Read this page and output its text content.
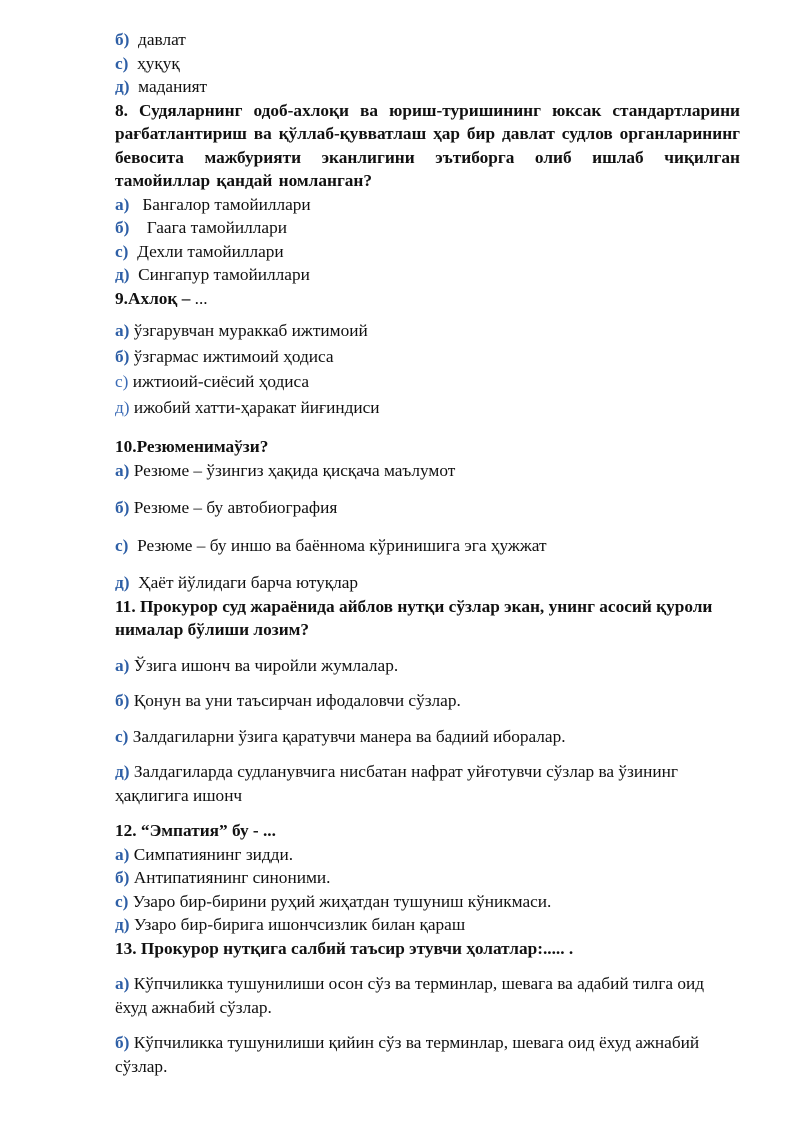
б) давлат

с) ҳуқуқ

д) маданият

8. Судяларнинг одоб-ахлоқи ва юриш-туришининг юксак стандартларини рағбатлантириш ва қўллаб-қувватлаш ҳар бир давлат судлов органларининг бевосита мажбурияти эканлигини эътиборга олиб ишлаб чиқилган тамойиллар қандай номланган?

а) Бангалор тамойиллари

б) Гаага тамойиллари

с) Дехли тамойиллари

д) Сингапур тамойиллари

9.Ахлоқ – ...

а) ўзгарувчан мураккаб ижтимоий

б) ўзгармас ижтимоий ҳодиса

с) ижтиоий-сиёсий ҳодиса

д) ижобий хатти-ҳаракат йиғиндиси

10.Резюменимаўзи?

а) Резюме – ўзингиз ҳақида қисқача маълумот

б) Резюме – бу автобиография

с) Резюме – бу иншо ва баённома кўринишига эга ҳужжат

д) Ҳаёт йўлидаги барча ютуқлар

11. Прокурор суд жараёнида айблов нутқи сўзлар экан, унинг асосий қуроли нималар бўлиши лозим?

а) Ўзига ишонч ва чиройли жумлалар.

б) Қонун ва уни таъсирчан ифодаловчи сўзлар.

с) Залдагиларни ўзига қаратувчи манера ва бадиий иборалар.

д) Залдагиларда судланувчига нисбатан нафрат уйғотувчи сўзлар ва ўзининг ҳақлигига ишонч

12. “Эмпатия” бу - ...

а) Симпатиянинг зидди.

б) Антипатиянинг синоними.

с) Узаро бир-бирини руҳий жиҳатдан тушуниш кўникмаси.

д) Узаро бир-бирига ишончсизлик билан қараш

13. Прокурор нутқига салбий таъсир этувчи ҳолатлар:..... .

а) Кўпчиликка тушунилиши осон сўз ва терминлар, шевага ва адабий тилга оид ёхуд ажнабий сўзлар.

б) Кўпчиликка тушунилиши қийин сўз ва терминлар, шевага оид ёхуд ажнабий сўзлар.
